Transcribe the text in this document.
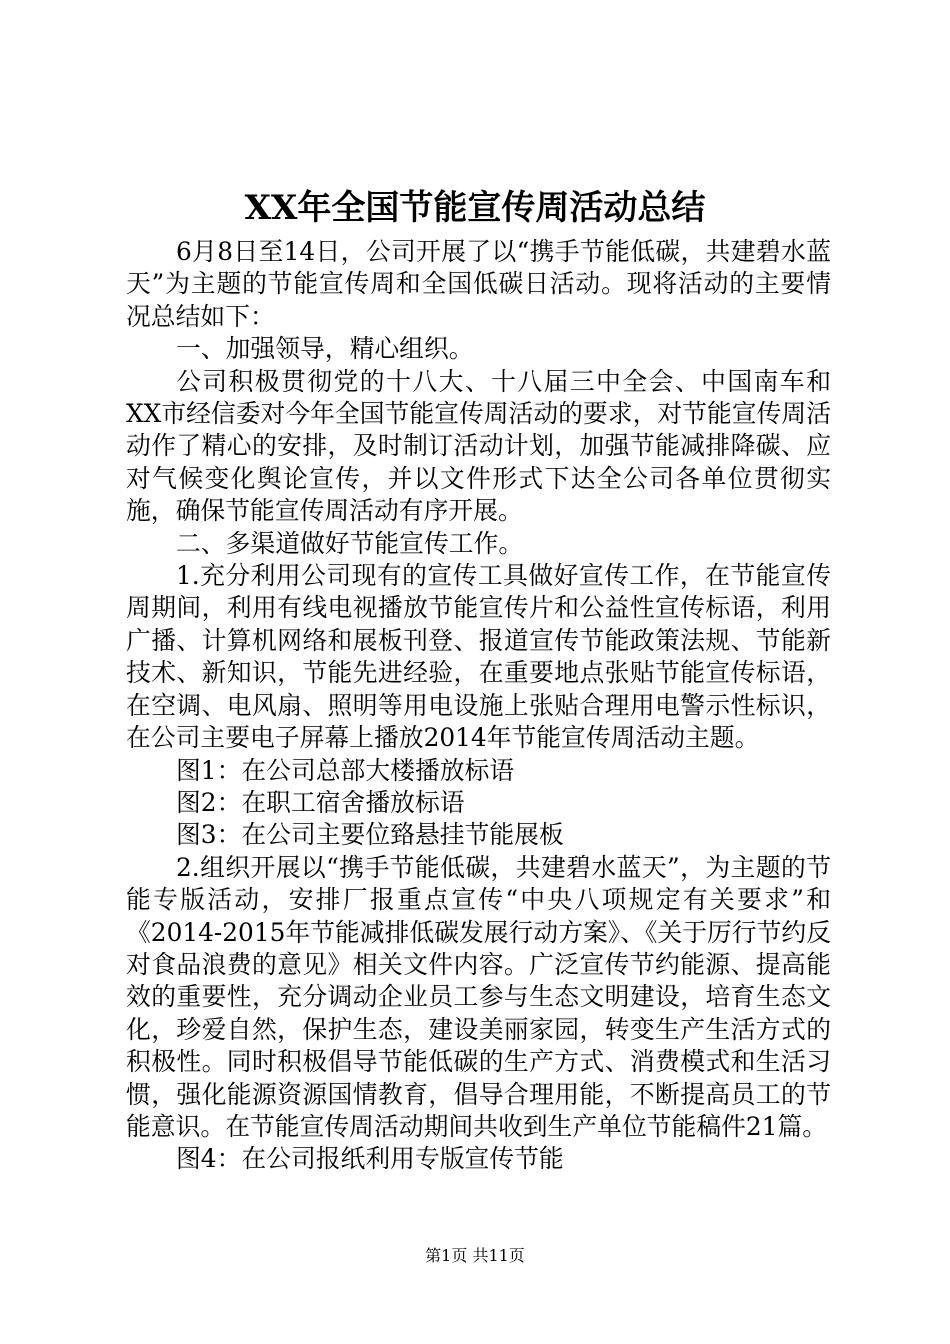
XX年全国节能宣传周活动总结

6月8日至14日，公司开展了以“携手节能低碳，共建碧水蓝天”为主题的节能宣传周和全国低碳日活动。现将活动的主要情况总结如下：

一、加强领导，精心组织。

公司积极贯彻党的十八大、十八届三中全会、中国南车和XX市经信委对今年全国节能宣传周活动的要求，对节能宣传周活动作了精心的安排，及时制订活动计划，加强节能减排降碳、应对气候变化舆论宣传，并以文件形式下达全公司各单位贯彻实施，确保节能宣传周活动有序开展。

二、多渠道做好节能宣传工作。

1.充分利用公司现有的宣传工具做好宣传工作，在节能宣传周期间，利用有线电视播放节能宣传片和公益性宣传标语，利用广播、计算机网络和展板刊登、报道宣传节能政策法规、节能新技术、新知识，节能先进经验，在重要地点张贴节能宣传标语，在空调、电风扇、照明等用电设施上张贴合理用电警示性标识，在公司主要电子屏幕上播放2014年节能宣传周活动主题。

图1：在公司总部大楼播放标语

图2：在职工宿舍播放标语

图3：在公司主要位臵悬挂节能展板

2.组织开展以“携手节能低碳，共建碧水蓝天”，为主题的节能专版活动，安排厂报重点宣传“中央八项规定有关要求”和《2014-2015年节能减排低碳发展行动方案》、《关于厉行节约反对食品浪费的意见》相关文件内容。广泛宣传节约能源、提高能效的重要性，充分调动企业员工参与生态文明建设，培育生态文化，珍爱自然，保护生态，建设美丽家园，转变生产生活方式的积极性。同时积极倡导节能低碳的生产方式、消费模式和生活习惯，强化能源资源国情教育，倡导合理用能，不断提高员工的节能意识。在节能宣传周活动期间共收到生产单位节能稿件21篇。

图4：在公司报纸利用专版宣传节能

第1页 共11页
